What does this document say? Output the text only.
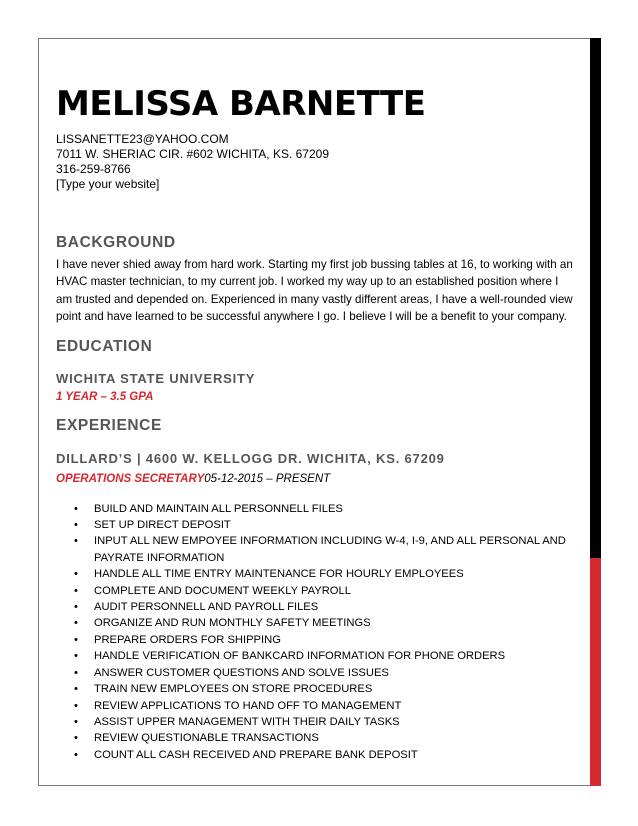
MELISSA BARNETTE
LISSANETTE23@YAHOO.COM
7011 W. SHERIAC CIR. #602 WICHITA, KS. 67209
316-259-8766
[Type your website]
BACKGROUND

I have never shied away from hard work. Starting my first job bussing tables at 16, to working with an HVAC master technician, to my current job. I worked my way up to an established position where I am trusted and depended on. Experienced in many vastly different areas, I have a well-rounded view point and have learned to be successful anywhere I go. I believe I will be a benefit to your company.

EDUCATION
WICHITA STATE UNIVERSITY
1 YEAR – 3.5 GPA
EXPERIENCE
DILLARD’S | 4600 W. KELLOGG DR. WICHITA, KS. 67209
OPERATIONS SECRETARY05-12-2015 – PRESENT
• BUILD AND MAINTAIN ALL PERSONNELL FILES
• SET UP DIRECT DEPOSIT
• INPUT ALL NEW EMPOYEE INFORMATION INCLUDING W-4, I-9, AND ALL PERSONAL AND PAYRATE INFORMATION
• HANDLE ALL TIME ENTRY MAINTENANCE FOR HOURLY EMPLOYEES
• COMPLETE AND DOCUMENT WEEKLY PAYROLL
• AUDIT PERSONNELL AND PAYROLL FILES
• ORGANIZE AND RUN MONTHLY SAFETY MEETINGS
• PREPARE ORDERS FOR SHIPPING
• HANDLE VERIFICATION OF BANKCARD INFORMATION FOR PHONE ORDERS
• ANSWER CUSTOMER QUESTIONS AND SOLVE ISSUES
• TRAIN NEW EMPLOYEES ON STORE PROCEDURES
• REVIEW APPLICATIONS TO HAND OFF TO MANAGEMENT
• ASSIST UPPER MANAGEMENT WITH THEIR DAILY TASKS
• REVIEW QUESTIONABLE TRANSACTIONS
• COUNT ALL CASH RECEIVED AND PREPARE BANK DEPOSIT
